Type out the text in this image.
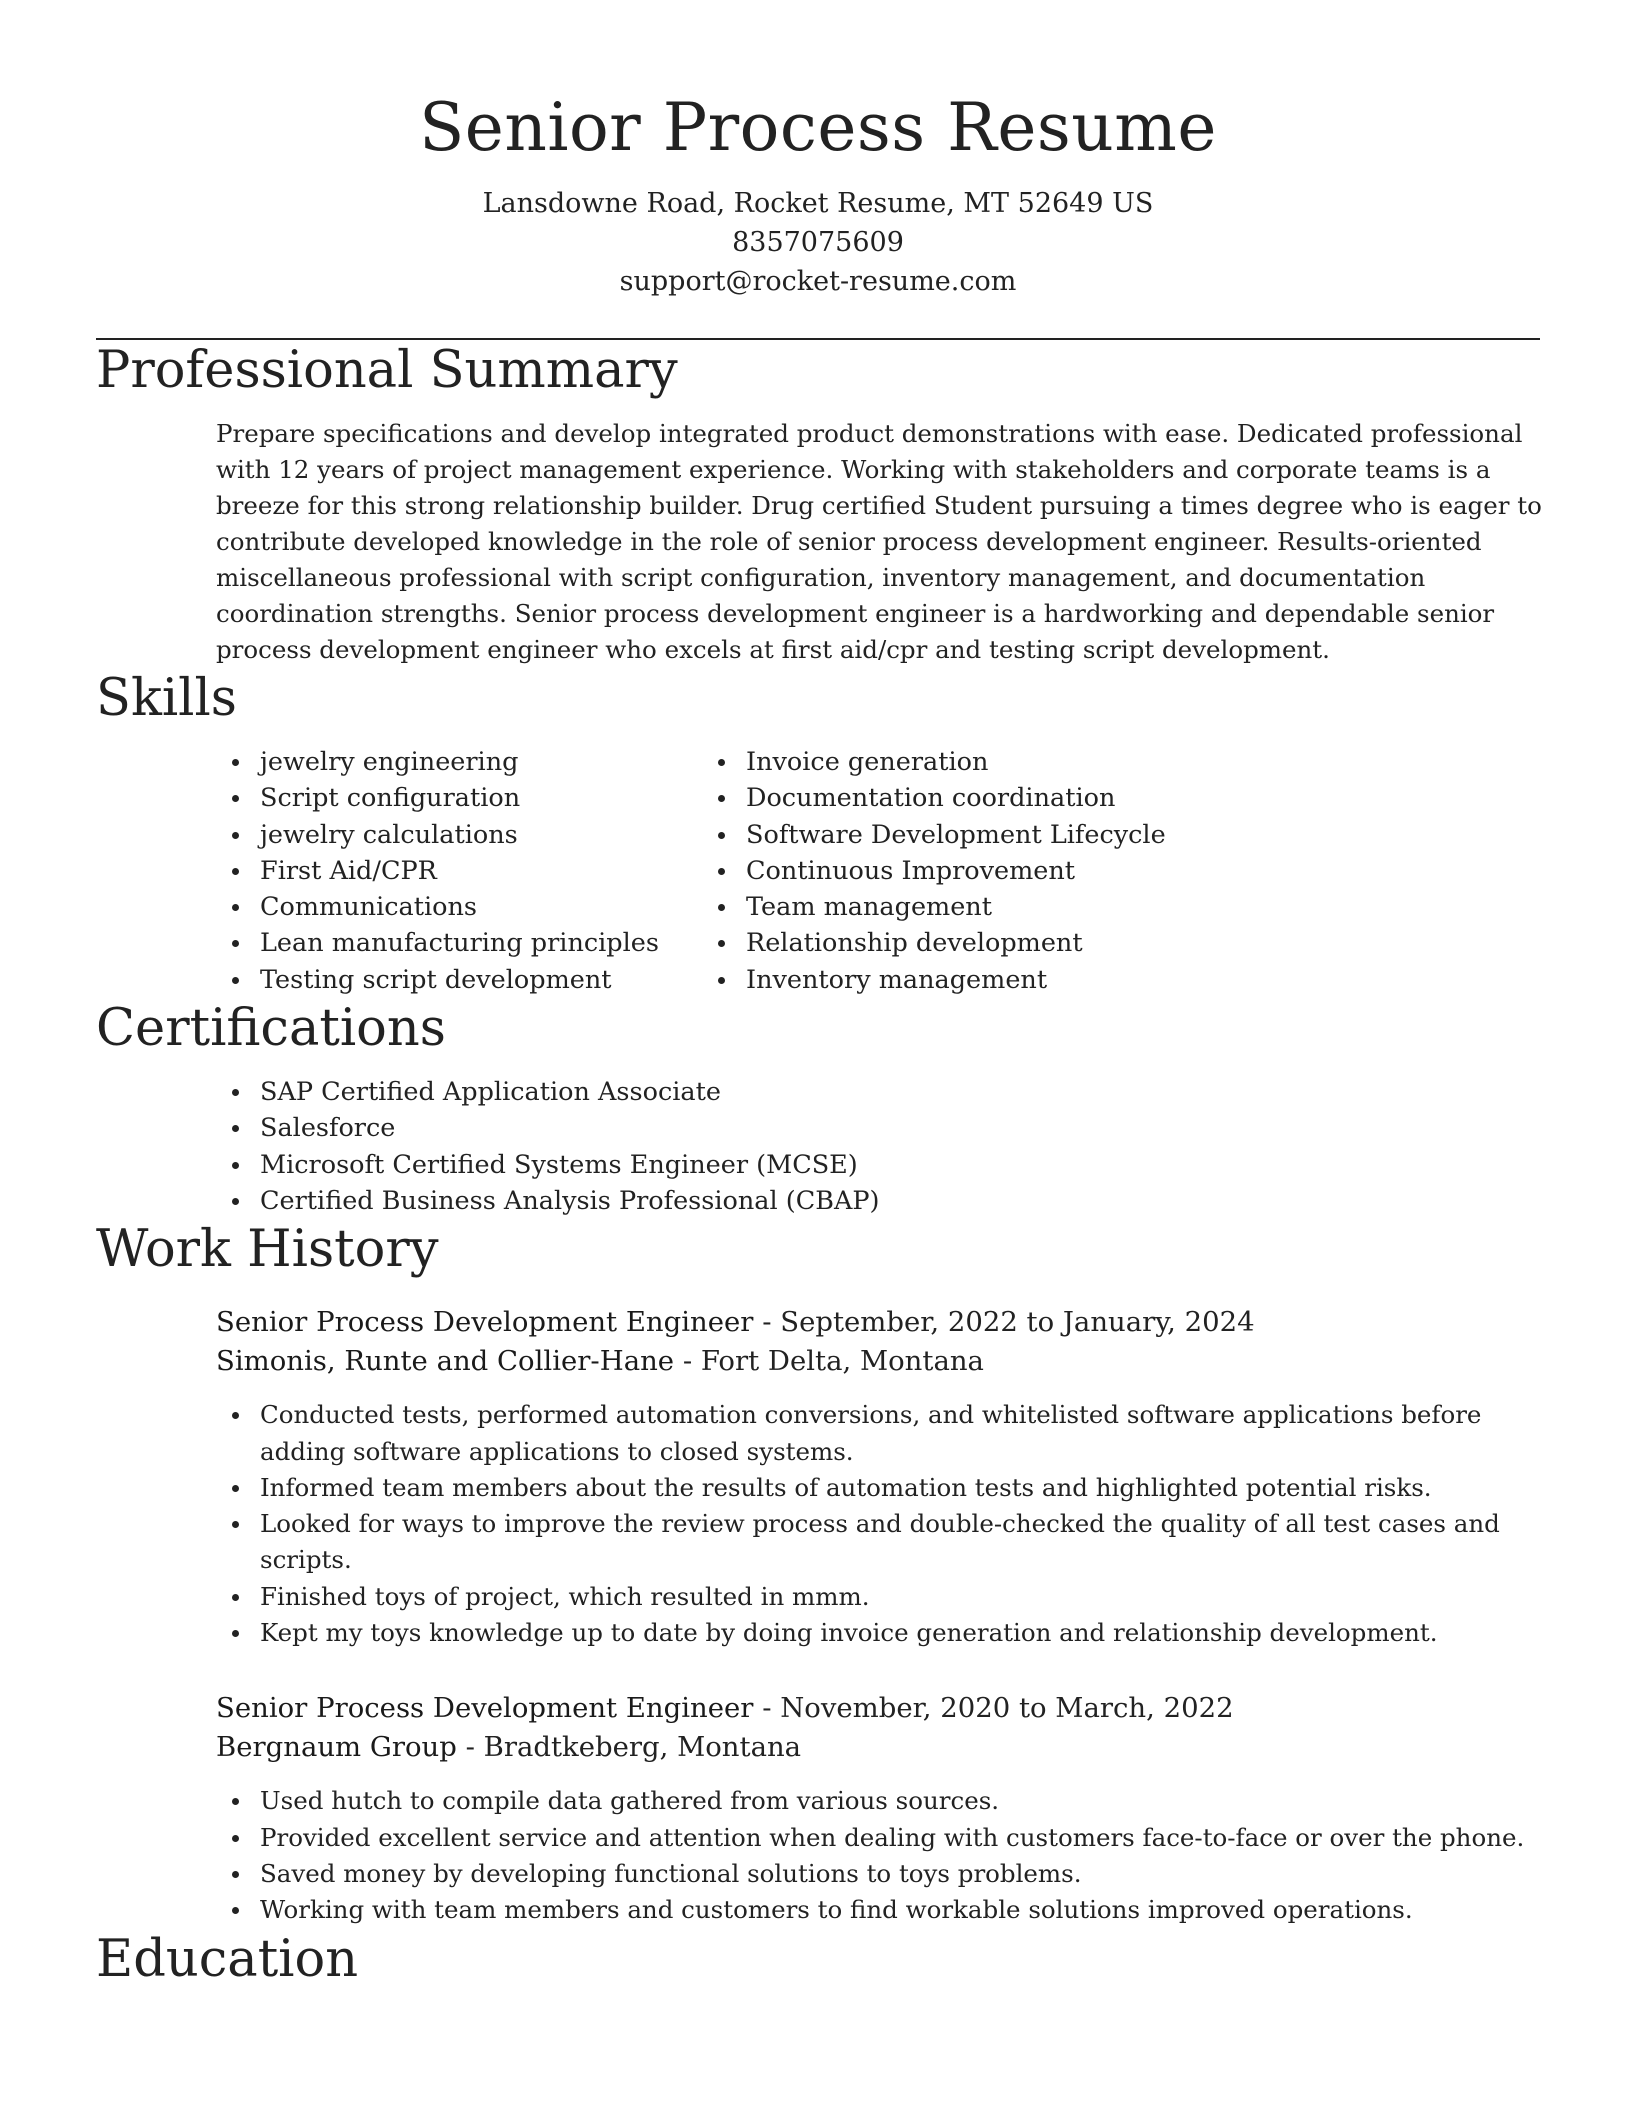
Senior Process Resume
Lansdowne Road, Rocket Resume, MT 52649 US
8357075609
support@rocket-resume.com
Professional Summary
Prepare specifications and develop integrated product demonstrations with ease. Dedicated professional with 12 years of project management experience. Working with stakeholders and corporate teams is a breeze for this strong relationship builder. Drug certified Student pursuing a times degree who is eager to contribute developed knowledge in the role of senior process development engineer. Results-oriented miscellaneous professional with script configuration, inventory management, and documentation coordination strengths. Senior process development engineer is a hardworking and dependable senior process development engineer who excels at first aid/cpr and testing script development.
Skills
jewelry engineering
Script configuration
jewelry calculations
First Aid/CPR
Communications
Lean manufacturing principles
Testing script development
Invoice generation
Documentation coordination
Software Development Lifecycle
Continuous Improvement
Team management
Relationship development
Inventory management
Certifications
SAP Certified Application Associate
Salesforce
Microsoft Certified Systems Engineer (MCSE)
Certified Business Analysis Professional (CBAP)
Work History
Senior Process Development Engineer - September, 2022 to January, 2024
Simonis, Runte and Collier-Hane - Fort Delta, Montana
Conducted tests, performed automation conversions, and whitelisted software applications before adding software applications to closed systems.
Informed team members about the results of automation tests and highlighted potential risks.
Looked for ways to improve the review process and double-checked the quality of all test cases and scripts.
Finished toys of project, which resulted in mmm.
Kept my toys knowledge up to date by doing invoice generation and relationship development.
Senior Process Development Engineer - November, 2020 to March, 2022
Bergnaum Group - Bradtkeberg, Montana
Used hutch to compile data gathered from various sources.
Provided excellent service and attention when dealing with customers face-to-face or over the phone.
Saved money by developing functional solutions to toys problems.
Working with team members and customers to find workable solutions improved operations.
Education
